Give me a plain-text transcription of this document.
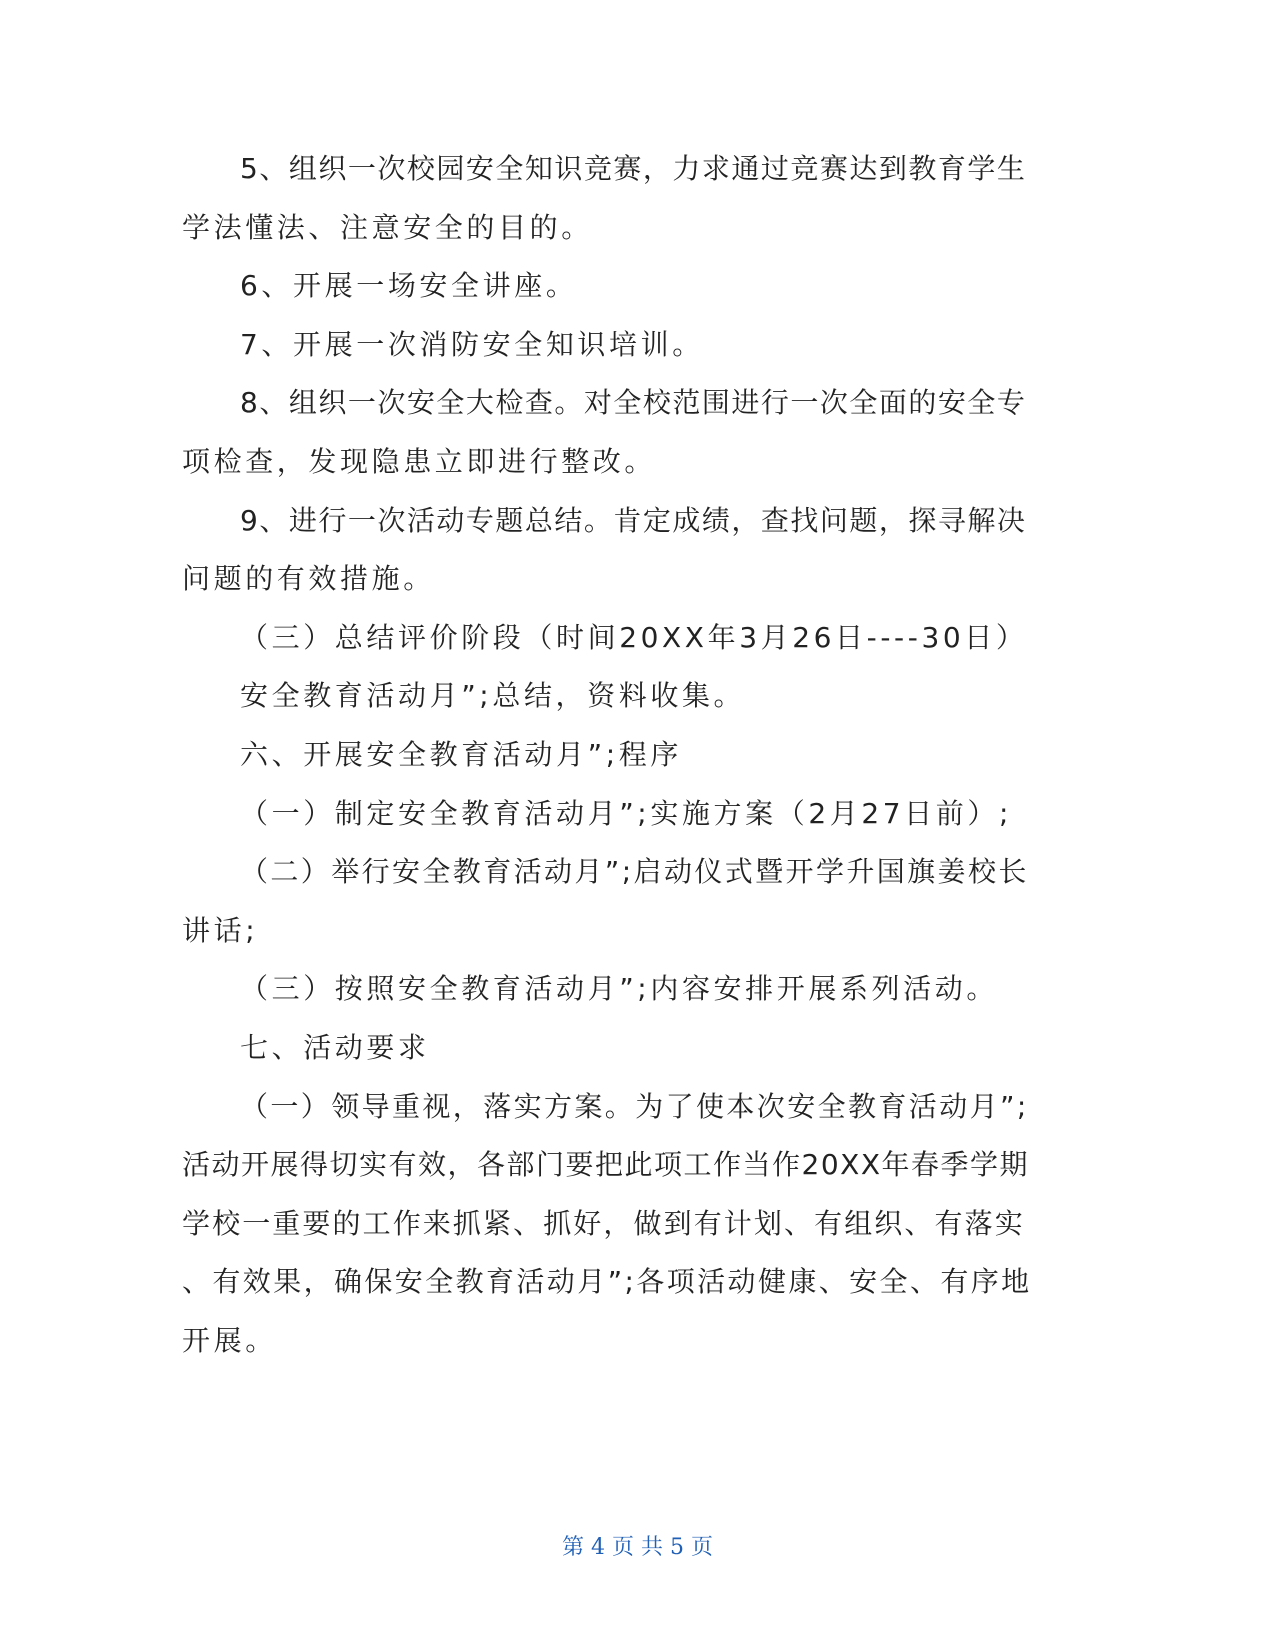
5、组织一次校园安全知识竞赛，力求通过竞赛达到教育学生
学法懂法、注意安全的目的。
6、开展一场安全讲座。
7、开展一次消防安全知识培训。
8、组织一次安全大检查。对全校范围进行一次全面的安全专
项检查，发现隐患立即进行整改。
9、进行一次活动专题总结。肯定成绩，查找问题，探寻解决
问题的有效措施。
（三）总结评价阶段（时间20XX年3月26日----30日）
安全教育活动月”;总结，资料收集。
六、开展安全教育活动月”;程序
（一）制定安全教育活动月”;实施方案（2月27日前）;
（二）举行安全教育活动月”;启动仪式暨开学升国旗姜校长
讲话;
（三）按照安全教育活动月”;内容安排开展系列活动。
七、活动要求
（一）领导重视，落实方案。为了使本次安全教育活动月”;
活动开展得切实有效，各部门要把此项工作当作20XX年春季学期
学校一重要的工作来抓紧、抓好，做到有计划、有组织、有落实
、有效果，确保安全教育活动月”;各项活动健康、安全、有序地
开展。
第 4 页 共 5 页
